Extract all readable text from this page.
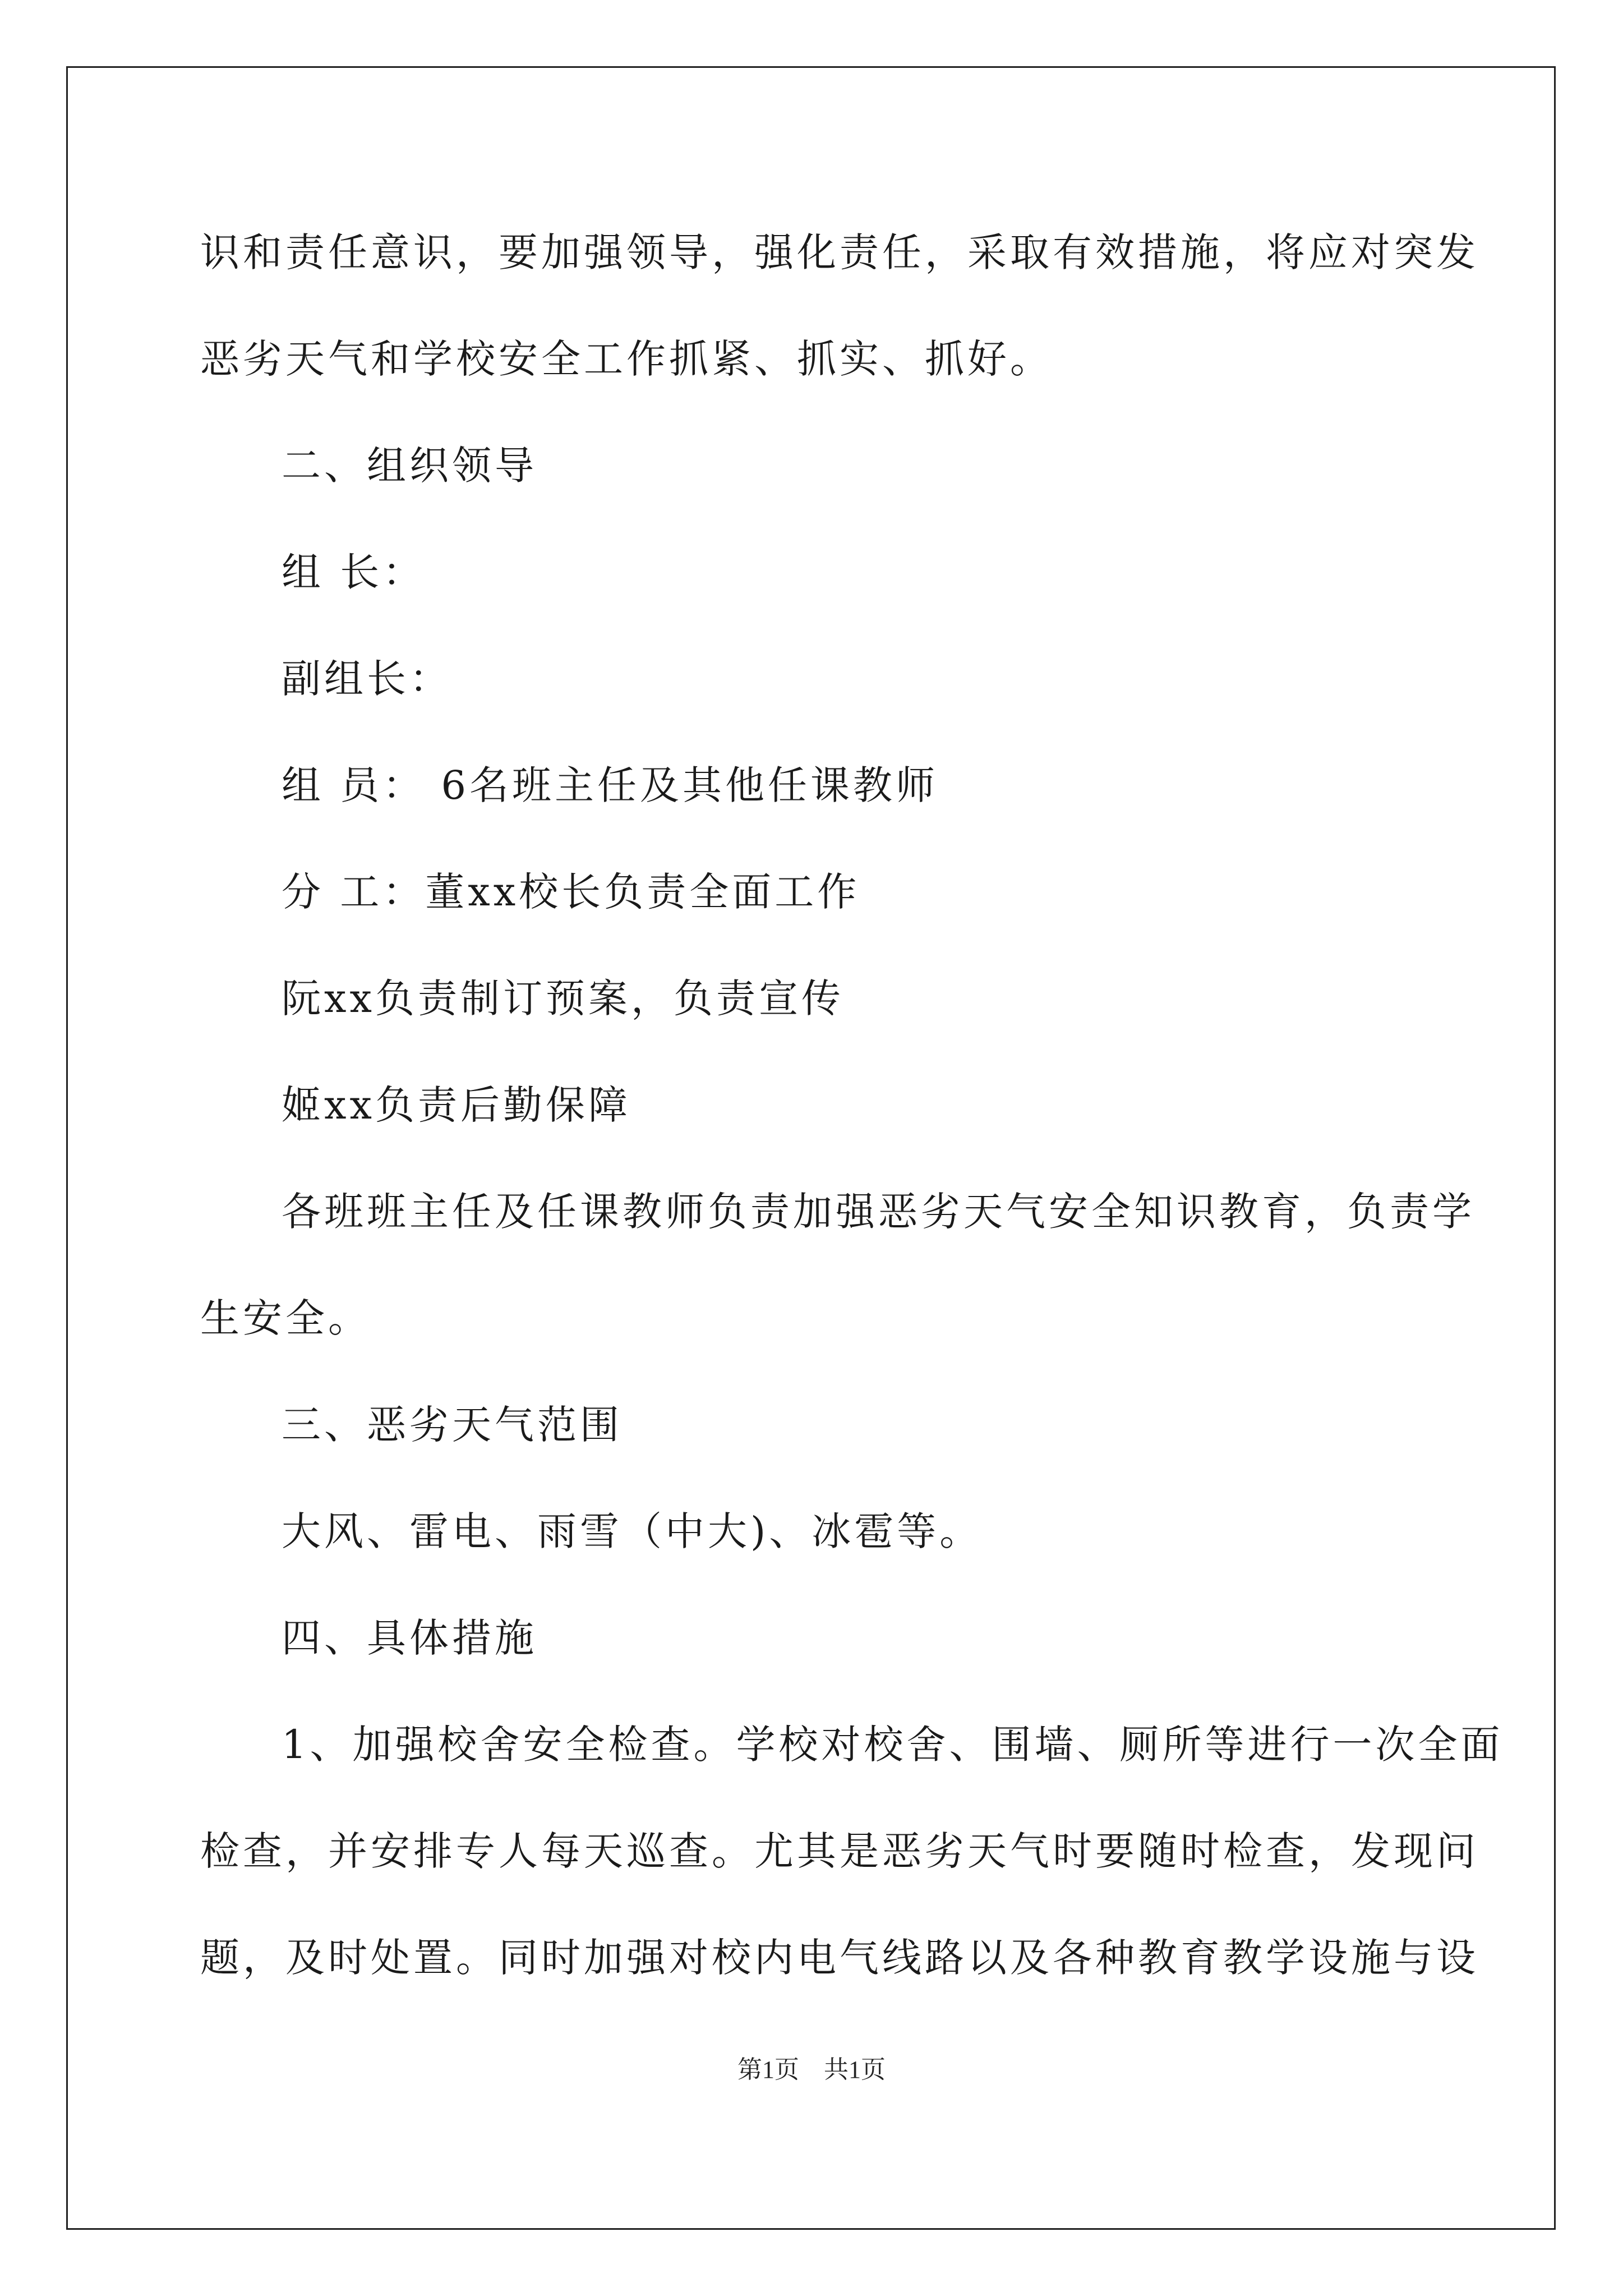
识和责任意识，要加强领导，强化责任，采取有效措施，将应对突发
恶劣天气和学校安全工作抓紧、抓实、抓好。
二、组织领导
组 长：
副组长：
组 员： 6名班主任及其他任课教师
分 工：董xx校长负责全面工作
阮xx负责制订预案，负责宣传
姬xx负责后勤保障
各班班主任及任课教师负责加强恶劣天气安全知识教育，负责学
生安全。
三、恶劣天气范围
大风、雷电、雨雪（中大)、冰雹等。
四、具体措施
1、加强校舍安全检查。学校对校舍、围墙、厕所等进行一次全面
检查，并安排专人每天巡查。尤其是恶劣天气时要随时检查，发现问
题，及时处置。同时加强对校内电气线路以及各种教育教学设施与设
第1页　共1页
